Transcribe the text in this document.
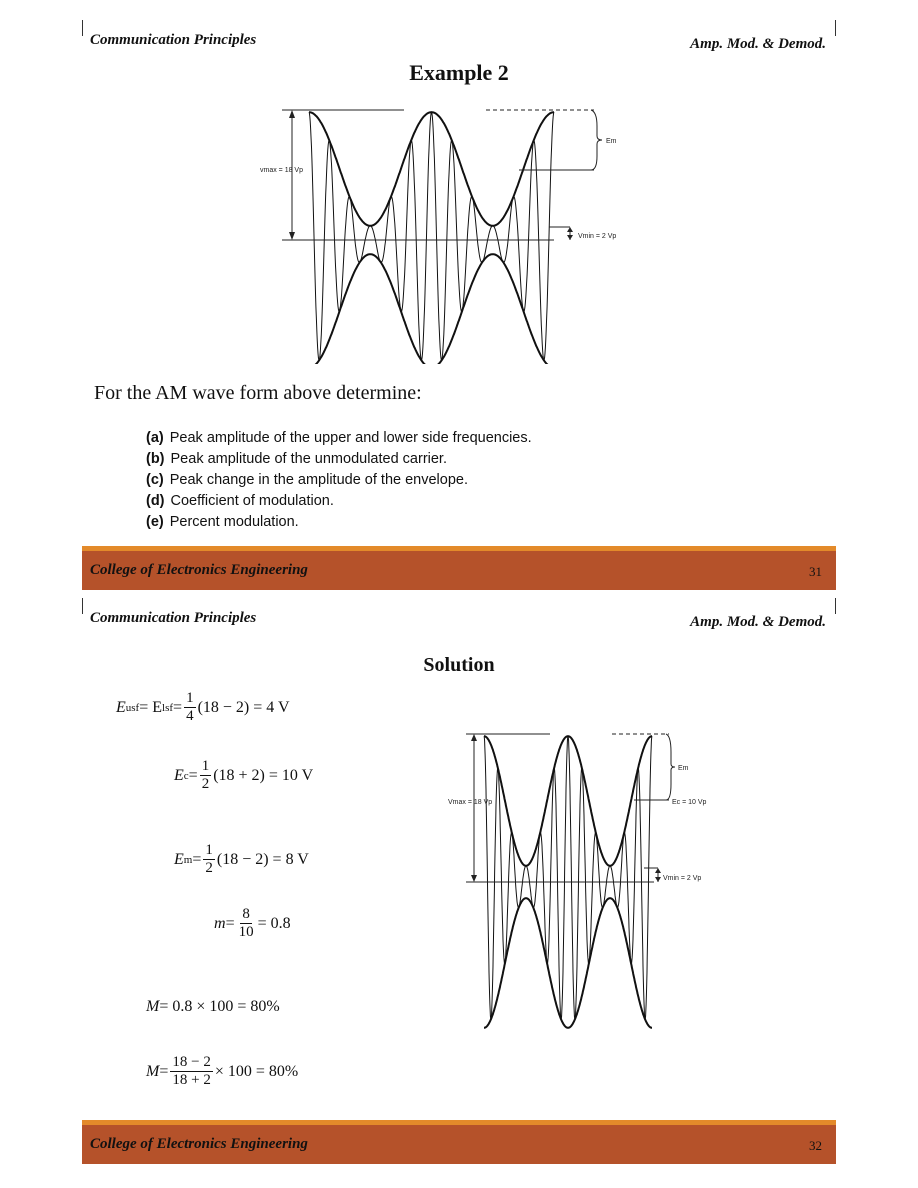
Communication Principles	Amp. Mod. & Demod.
Example 2
Em
vmax = 18 Vp
Vmin = 2 Vp
For the AM wave form above determine:
(a) Peak amplitude of the upper and lower side frequencies.
(b) Peak amplitude of the unmodulated carrier.
(c) Peak change in the amplitude of the envelope.
(d) Coefficient of modulation.
(e) Percent modulation.
College of Electronics Engineering	31
Communication Principles	Amp. Mod. & Demod.
Solution
E usf = E lsf = $\frac{1}{4} (18 - 2) = 4$ V
E $c = \frac{1}{2} (18 + 2) = 10$ V
E $m = \frac{1}{2} (18 - 2) = 8$ V
$m = \frac{8}{10} = 0.8$
M = 0.8 × 100 = 80%
$M = \frac{18 - 2}{18 + 2} \times 100 = 80\%$
Em
Ec = 10 Vp
Vmax = 18 Vp
Vmin = 2 Vp
College of Electronics Engineering	32
